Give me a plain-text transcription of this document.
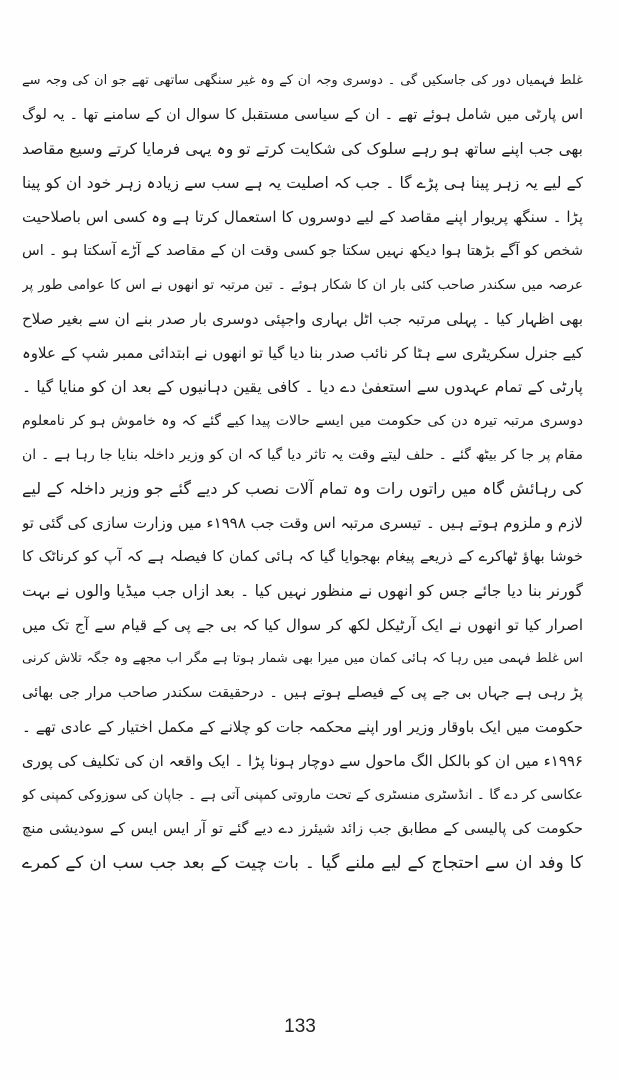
غلط فہمیاں دور کی جاسکیں گی ۔ دوسری وجہ ان کے وہ غیر سنگھی ساتھی تھے جو ان کی وجہ سے
اس پارٹی میں شامل ہوئے تھے ۔ ان کے سیاسی مستقبل کا سوال ان کے سامنے تھا ۔ یہ لوگ
بھی جب اپنے ساتھ ہو رہے سلوک کی شکایت کرتے تو وہ یہی فرمایا کرتے وسیع مقاصد
کے لیے یہ زہر پینا ہی پڑے گا ۔ جب کہ اصلیت یہ ہے سب سے زیادہ زہر خود ان کو پینا
پڑا ۔ سنگھ پریوار اپنے مقاصد کے لیے دوسروں کا استعمال کرتا ہے وہ کسی اس باصلاحیت
شخص کو آگے بڑھتا ہوا دیکھ نہیں سکتا جو کسی وقت ان کے مقاصد کے آڑے آسکتا ہو ۔ اس
عرصہ میں سکندر صاحب کئی بار ان کا شکار ہوئے ۔ تین مرتبہ تو انھوں نے اس کا عوامی طور پر
بھی اظہار کیا ۔ پہلی مرتبہ جب اٹل بہاری واجپئی دوسری بار صدر بنے ان سے بغیر صلاح
کیے جنرل سکریٹری سے ہٹا کر نائب صدر بنا دیا گیا تو انھوں نے ابتدائی ممبر شپ کے علاوہ
پارٹی کے تمام عہدوں سے استعفیٰ دے دیا ۔ کافی یقین دہانیوں کے بعد ان کو منایا گیا ۔
دوسری مرتبہ تیرہ دن کی حکومت میں ایسے حالات پیدا کیے گئے کہ وہ خاموش ہو کر نامعلوم
مقام پر جا کر بیٹھ گئے ۔ حلف لیتے وقت یہ تاثر دیا گیا کہ ان کو وزیر داخلہ بنایا جا رہا ہے ۔ ان
کی رہائش گاہ میں راتوں رات وہ تمام آلات نصب کر دیے گئے جو وزیر داخلہ کے لیے
لازم و ملزوم ہوتے ہیں ۔ تیسری مرتبہ اس وقت جب ۱۹۹۸ء میں وزارت سازی کی گئی تو
خوشا بھاؤ ٹھاکرے کے ذریعے پیغام بھجوایا گیا کہ ہائی کمان کا فیصلہ ہے کہ آپ کو کرناٹک کا
گورنر بنا دیا جائے جس کو انھوں نے منظور نہیں کیا ۔ بعد ازاں جب میڈیا والوں نے بہت
اصرار کیا تو انھوں نے ایک آرٹیکل لکھ کر سوال کیا کہ بی جے پی کے قیام سے آج تک میں
اس غلط فہمی میں رہا کہ ہائی کمان میں میرا بھی شمار ہوتا ہے مگر اب مجھے وہ جگہ تلاش کرنی
پڑ رہی ہے جہاں بی جے پی کے فیصلے ہوتے ہیں ۔ درحقیقت سکندر صاحب مرار جی بھائی
حکومت میں ایک باوقار وزیر اور اپنے محکمہ جات کو چلانے کے مکمل اختیار کے عادی تھے ۔
۱۹۹۶ء میں ان کو بالکل الگ ماحول سے دوچار ہونا پڑا ۔ ایک واقعہ ان کی تکلیف کی پوری
عکاسی کر دے گا ۔ انڈسٹری منسٹری کے تحت ماروتی کمپنی آتی ہے ۔ جاپان کی سوزوکی کمپنی کو
حکومت کی پالیسی کے مطابق جب زائد شیئرز دے دیے گئے تو آر ایس ایس کے سودیشی منچ
کا وفد ان سے احتجاج کے لیے ملنے گیا ۔ بات چیت کے بعد جب سب ان کے کمرے
133
